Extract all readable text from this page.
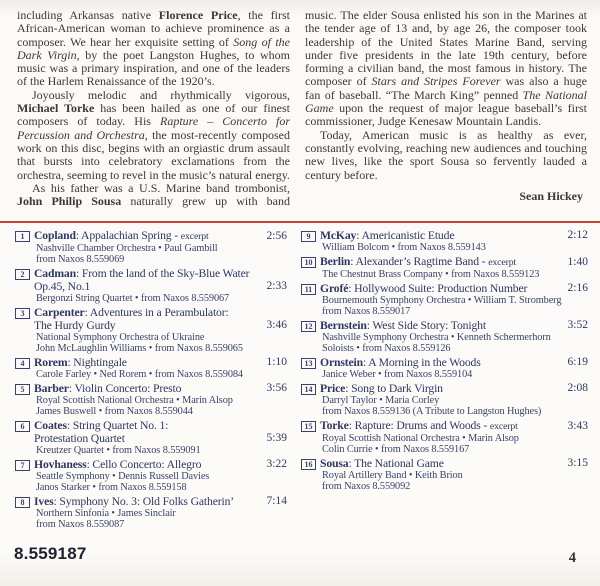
including Arkansas native Florence Price, the first African-American woman to achieve prominence as a composer. We hear her exquisite setting of Song of the Dark Virgin, by the poet Langston Hughes, to whom music was a primary inspiration, and one of the leaders of the Harlem Renaissance of the 1920’s.

Joyously melodic and rhythmically vigorous, Michael Torke has been hailed as one of our finest composers of today. His Rapture – Concerto for Percussion and Orchestra, the most-recently composed work on this disc, begins with an orgiastic drum assault that bursts into celebratory exclamations from the orchestra, seeming to revel in the music’s natural energy.

As his father was a U.S. Marine band trombonist, John Philip Sousa naturally grew up with band

music. The elder Sousa enlisted his son in the Marines at the tender age of 13 and, by age 26, the composer took leadership of the United States Marine Band, serving under five presidents in the late 19th century, before forming a civilian band, the most famous in history. The composer of Stars and Stripes Forever was also a huge fan of baseball. “The March King” penned The National Game upon the request of major league baseball’s first commissioner, Judge Kenesaw Mountain Landis.

Today, American music is as healthy as ever, constantly evolving, reaching new audiences and touching new lives, like the sport Sousa so fervently lauded a century before.

Sean Hickey
1 Copland: Appalachian Spring - excerpt	2:56
Nashville Chamber Orchestra • Paul Gambill
from Naxos 8.559069
2 Cadman: From the land of the Sky-Blue Water
Op.45, No.1	2:33
Bergonzi String Quartet • from Naxos 8.559067
3 Carpenter: Adventures in a Perambulator:
The Hurdy Gurdy	3:46
National Symphony Orchestra of Ukraine
John McLaughlin Williams • from Naxos 8.559065
4 Rorem: Nightingale	1:10
Carole Farley • Ned Rorem • from Naxos 8.559084
5 Barber: Violin Concerto: Presto	3:56
Royal Scottish National Orchestra • Marin Alsop
James Buswell • from Naxos 8.559044
6 Coates: String Quartet No. 1:
Protestation Quartet	5:39
Kreutzer Quartet • from Naxos 8.559091
7 Hovhaness: Cello Concerto: Allegro	3:22
Seattle Symphony • Dennis Russell Davies
Janos Starker • from Naxos 8.559158
8 Ives: Symphony No. 3: Old Folks Gatherin’	7:14
Northern Sinfonia • James Sinclair
from Naxos 8.559087
9 McKay: Americanistic Etude	2:12
William Bolcom • from Naxos 8.559143
10 Berlin: Alexander’s Ragtime Band - excerpt	1:40
The Chestnut Brass Company • from Naxos 8.559123
11 Grofé: Hollywood Suite: Production Number	2:16
Bournemouth Symphony Orchestra • William T. Stromberg
from Naxos 8.559017
12 Bernstein: West Side Story: Tonight	3:52
Nashville Symphony Orchestra • Kenneth Schermerhorn
Soloists • from Naxos 8.559126
13 Ornstein: A Morning in the Woods	6:19
Janice Weber • from Naxos 8.559104
14 Price: Song to Dark Virgin	2:08
Darryl Taylor • Maria Corley
from Naxos 8.559136 (A Tribute to Langston Hughes)
15 Torke: Rapture: Drums and Woods - excerpt	3:43
Royal Scottish National Orchestra • Marin Alsop
Colin Currie • from Naxos 8.559167
16 Sousa: The National Game	3:15
Royal Artillery Band • Keith Brion
from Naxos 8.559092
8.559187	4
